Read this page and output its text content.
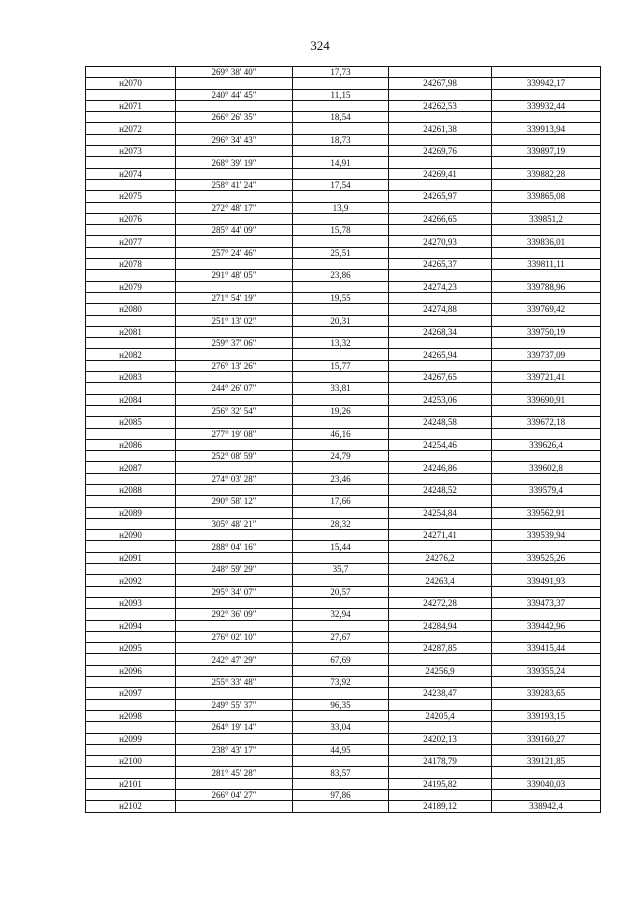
324
	269° 38' 40"	17,73		
н2070			24267,98	339942,17
	240° 44' 45"	11,15		
н2071			24262,53	339932,44
	266° 26' 35"	18,54		
н2072			24261,38	339913,94
	296° 34' 43"	18,73		
н2073			24269,76	339897,19
	268° 39' 19"	14,91		
н2074			24269,41	339882,28
	258° 41' 24"	17,54		
н2075			24265,97	339865,08
	272° 48' 17"	13,9		
н2076			24266,65	339851,2
	285° 44' 09"	15,78		
н2077			24270,93	339836,01
	257° 24' 46"	25,51		
н2078			24265,37	339811,11
	291° 48' 05"	23,86		
н2079			24274,23	339788,96
	271° 54' 19"	19,55		
н2080			24274,88	339769,42
	251° 13' 02"	20,31		
н2081			24268,34	339750,19
	259° 37' 06"	13,32		
н2082			24265,94	339737,09
	276° 13' 26"	15,77		
н2083			24267,65	339721,41
	244° 26' 07"	33,81		
н2084			24253,06	339690,91
	256° 32' 54"	19,26		
н2085			24248,58	339672,18
	277° 19' 08"	46,16		
н2086			24254,46	339626,4
	252° 08' 59"	24,79		
н2087			24246,86	339602,8
	274° 03' 28"	23,46		
н2088			24248,52	339579,4
	290° 58' 12"	17,66		
н2089			24254,84	339562,91
	305° 48' 21"	28,32		
н2090			24271,41	339539,94
	288° 04' 16"	15,44		
н2091			24276,2	339525,26
	248° 59' 29"	35,7		
н2092			24263,4	339491,93
	295° 34' 07"	20,57		
н2093			24272,28	339473,37
	292° 36' 09"	32,94		
н2094			24284,94	339442,96
	276° 02' 10"	27,67		
н2095			24287,85	339415,44
	242° 47' 29"	67,69		
н2096			24256,9	339355,24
	255° 33' 48"	73,92		
н2097			24238,47	339283,65
	249° 55' 37"	96,35		
н2098			24205,4	339193,15
	264° 19' 14"	33,04		
н2099			24202,13	339160,27
	238° 43' 17"	44,95		
н2100			24178,79	339121,85
	281° 45' 28"	83,57		
н2101			24195,82	339040,03
	266° 04' 27"	97,86		
н2102			24189,12	338942,4
